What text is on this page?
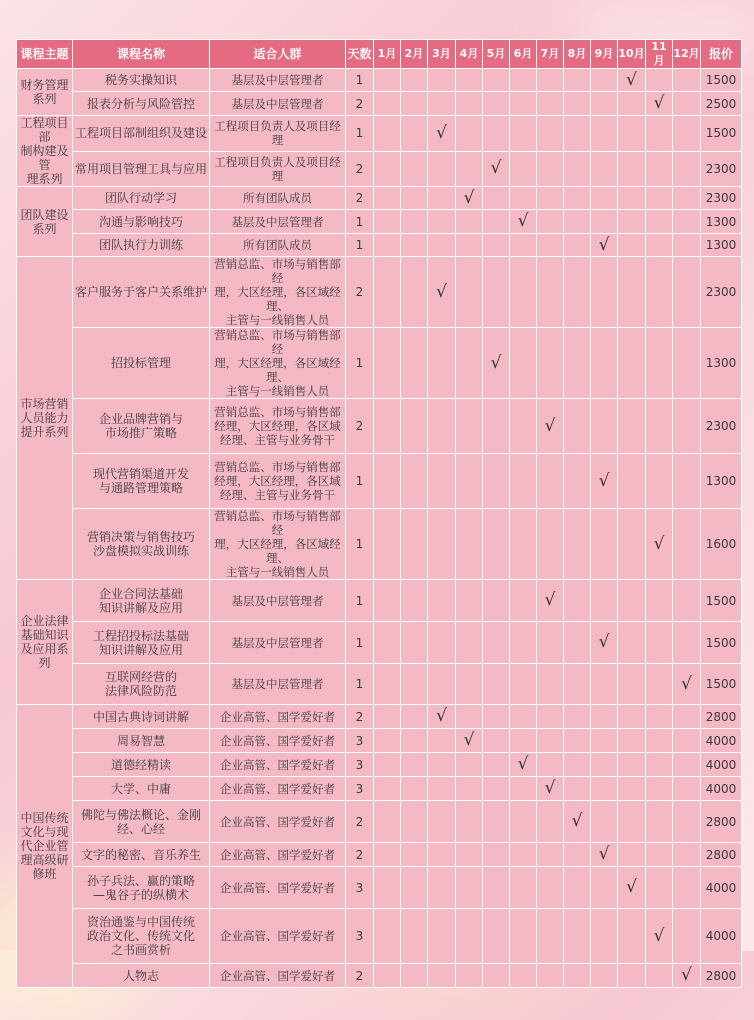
课程主题	课程名称	适合人群	天数	1月	2月	3月	4月	5月	6月	7月	8月	9月	10月	11月	12月	报价
财务管理
系列	税务实操知识	基层及中层管理者	1										√			1500
	报表分析与风险管控	基层及中层管理者	2											√		2500
工程项目部
制构建及管
理系列	工程项目部制组织及建设	工程项目负责人及项目经理	1			√										1500
	常用项目管理工具与应用	工程项目负责人及项目经理	2					√								2300
团队建设
系列	团队行动学习	所有团队成员	2				√									2300
	沟通与影响技巧	基层及中层管理者	1						√							1300
	团队执行力训练	所有团队成员	1									√				1300
市场营销
人员能力
提升系列	客户服务于客户关系维护	营销总监、市场与销售部经
理，大区经理，各区域经理、
主管与一线销售人员	2			√										2300
	招投标管理	营销总监、市场与销售部经
理，大区经理，各区域经理、
主管与一线销售人员	1					√								1300
	企业品牌营销与
市场推广策略	营销总监、市场与销售部
经理，大区经理，各区域
经理、主管与业务骨干	2							√						2300
	现代营销渠道开发
与通路管理策略	营销总监、市场与销售部
经理，大区经理，各区域
经理、主管与业务骨干	1									√				1300
	营销决策与销售技巧
沙盘模拟实战训练	营销总监、市场与销售部经
理，大区经理，各区域经理、
主管与一线销售人员	1											√		1600
企业法律
基础知识
及应用系
列	企业合同法基础
知识讲解及应用	基层及中层管理者	1							√						1500
	工程招投标法基础
知识讲解及应用	基层及中层管理者	1									√				1500
	互联网经营的
法律风险防范	基层及中层管理者	1												√	1500
中国传统
文化与现
代企业管
理高级研
修班	中国古典诗词讲解	企业高管、国学爱好者	2			√										2800
	周易智慧	企业高管、国学爱好者	3				√									4000
	道德经精读	企业高管、国学爱好者	3						√							4000
	大学、中庸	企业高管、国学爱好者	3							√						4000
	佛陀与佛法概论、金刚
经、心经	企业高管、国学爱好者	2								√					2800
	文字的秘密、音乐养生	企业高管、国学爱好者	2									√				2800
	孙子兵法、赢的策略
—鬼谷子的纵横术	企业高管、国学爱好者	3										√			4000
	资治通鉴与中国传统
政治文化、传统文化
之书画赏析	企业高管、国学爱好者	3											√		4000
	人物志	企业高管、国学爱好者	2												√	2800
